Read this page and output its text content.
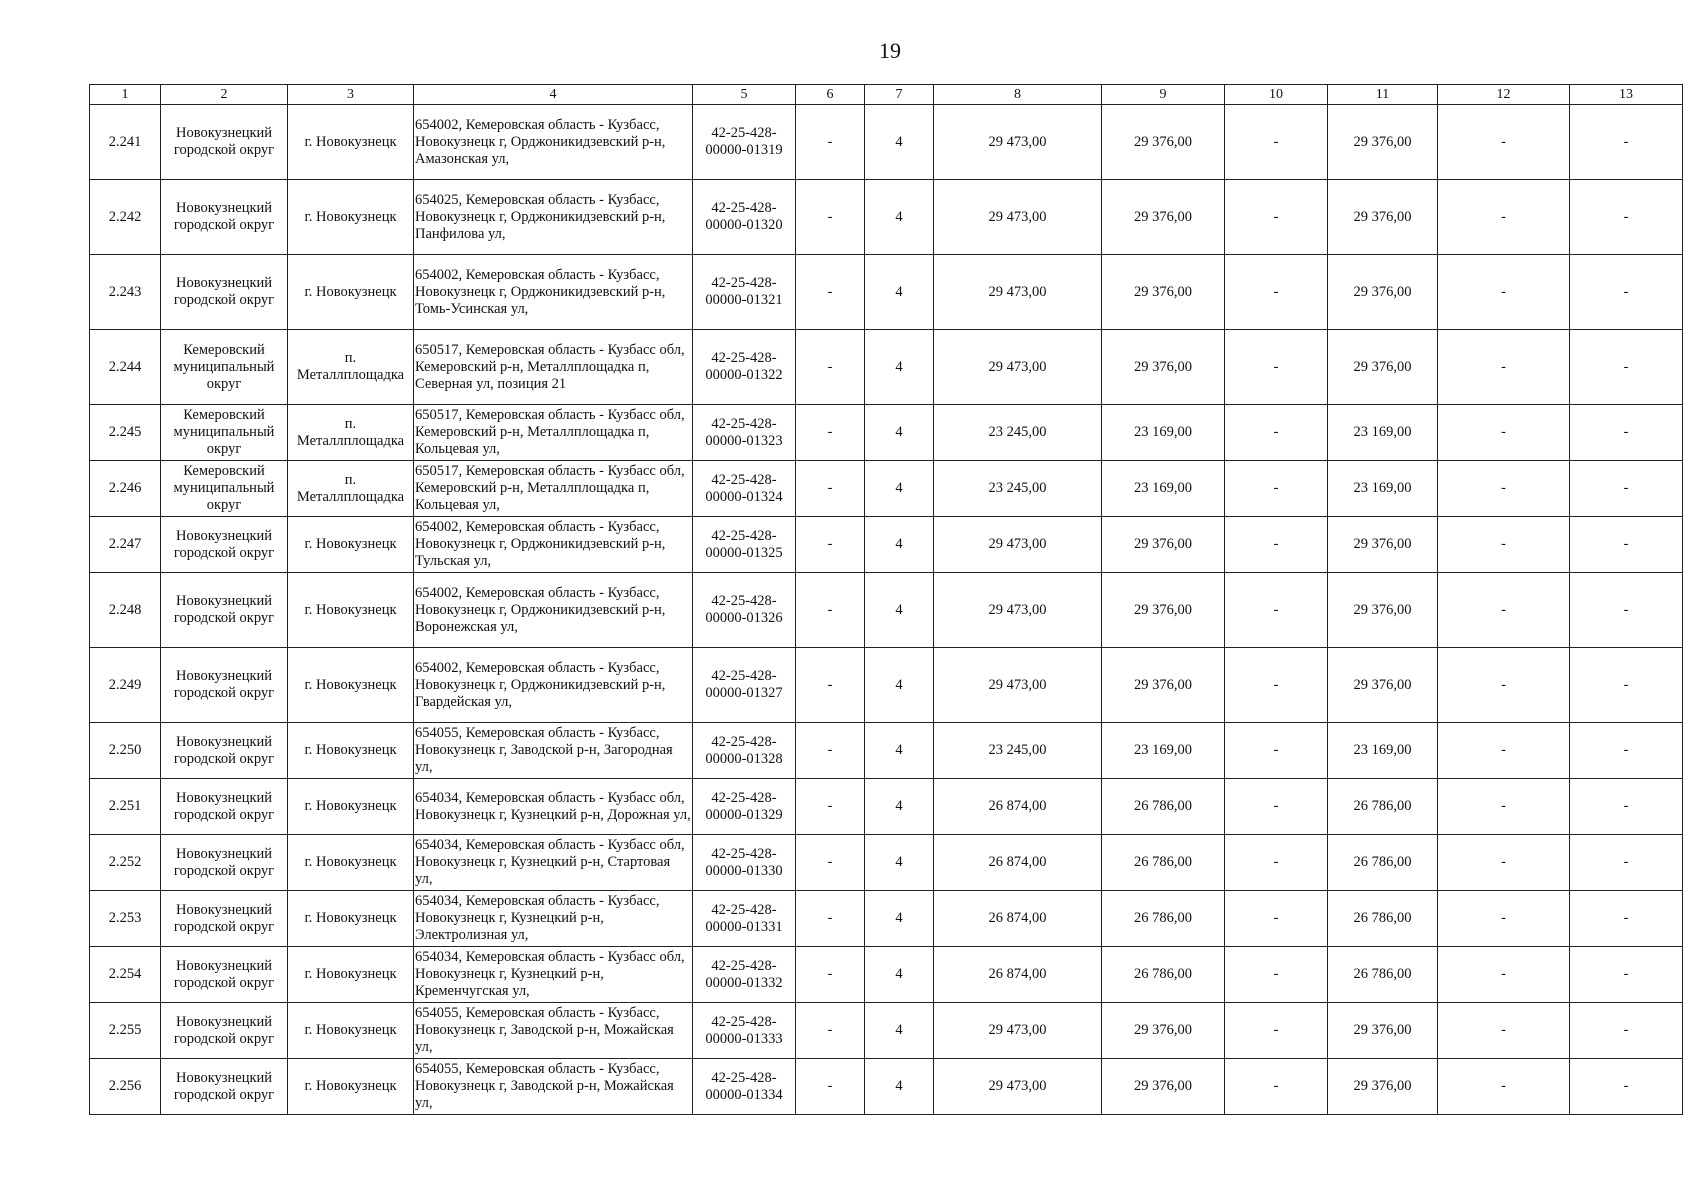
19
1	2	3	4	5	6	7	8	9	10	11	12	13
2.241	Новокузнецкий городской округ	г. Новокузнецк	654002, Кемеровская область - Кузбасс, Новокузнецк г, Орджоникидзевский р-н, Амазонская ул,	42-25-428-00000-01319	-	4	29 473,00	29 376,00	-	29 376,00	-	-
2.242	Новокузнецкий городской округ	г. Новокузнецк	654025, Кемеровская область - Кузбасс, Новокузнецк г, Орджоникидзевский р-н, Панфилова ул,	42-25-428-00000-01320	-	4	29 473,00	29 376,00	-	29 376,00	-	-
2.243	Новокузнецкий городской округ	г. Новокузнецк	654002, Кемеровская область - Кузбасс, Новокузнецк г, Орджоникидзевский р-н, Томь-Усинская ул,	42-25-428-00000-01321	-	4	29 473,00	29 376,00	-	29 376,00	-	-
2.244	Кемеровский муниципальный округ	п. Металлплощадка	650517, Кемеровская область - Кузбасс обл, Кемеровский р-н, Металлплощадка п, Северная ул, позиция 21	42-25-428-00000-01322	-	4	29 473,00	29 376,00	-	29 376,00	-	-
2.245	Кемеровский муниципальный округ	п. Металлплощадка	650517, Кемеровская область - Кузбасс обл, Кемеровский р-н, Металлплощадка п, Кольцевая ул,	42-25-428-00000-01323	-	4	23 245,00	23 169,00	-	23 169,00	-	-
2.246	Кемеровский муниципальный округ	п. Металлплощадка	650517, Кемеровская область - Кузбасс обл, Кемеровский р-н, Металлплощадка п, Кольцевая ул,	42-25-428-00000-01324	-	4	23 245,00	23 169,00	-	23 169,00	-	-
2.247	Новокузнецкий городской округ	г. Новокузнецк	654002, Кемеровская область - Кузбасс, Новокузнецк г, Орджоникидзевский р-н, Тульская ул,	42-25-428-00000-01325	-	4	29 473,00	29 376,00	-	29 376,00	-	-
2.248	Новокузнецкий городской округ	г. Новокузнецк	654002, Кемеровская область - Кузбасс, Новокузнецк г, Орджоникидзевский р-н, Воронежская ул,	42-25-428-00000-01326	-	4	29 473,00	29 376,00	-	29 376,00	-	-
2.249	Новокузнецкий городской округ	г. Новокузнецк	654002, Кемеровская область - Кузбасс, Новокузнецк г, Орджоникидзевский р-н, Гвардейская ул,	42-25-428-00000-01327	-	4	29 473,00	29 376,00	-	29 376,00	-	-
2.250	Новокузнецкий городской округ	г. Новокузнецк	654055, Кемеровская область - Кузбасс, Новокузнецк г, Заводской р-н, Загородная ул,	42-25-428-00000-01328	-	4	23 245,00	23 169,00	-	23 169,00	-	-
2.251	Новокузнецкий городской округ	г. Новокузнецк	654034, Кемеровская область - Кузбасс обл, Новокузнецк г, Кузнецкий р-н, Дорожная ул,	42-25-428-00000-01329	-	4	26 874,00	26 786,00	-	26 786,00	-	-
2.252	Новокузнецкий городской округ	г. Новокузнецк	654034, Кемеровская область - Кузбасс обл, Новокузнецк г, Кузнецкий р-н, Стартовая ул,	42-25-428-00000-01330	-	4	26 874,00	26 786,00	-	26 786,00	-	-
2.253	Новокузнецкий городской округ	г. Новокузнецк	654034, Кемеровская область - Кузбасс, Новокузнецк г, Кузнецкий р-н, Электролизная ул,	42-25-428-00000-01331	-	4	26 874,00	26 786,00	-	26 786,00	-	-
2.254	Новокузнецкий городской округ	г. Новокузнецк	654034, Кемеровская область - Кузбасс обл, Новокузнецк г, Кузнецкий р-н, Кременчугская ул,	42-25-428-00000-01332	-	4	26 874,00	26 786,00	-	26 786,00	-	-
2.255	Новокузнецкий городской округ	г. Новокузнецк	654055, Кемеровская область - Кузбасс, Новокузнецк г, Заводской р-н, Можайская ул,	42-25-428-00000-01333	-	4	29 473,00	29 376,00	-	29 376,00	-	-
2.256	Новокузнецкий городской округ	г. Новокузнецк	654055, Кемеровская область - Кузбасс, Новокузнецк г, Заводской р-н, Можайская ул,	42-25-428-00000-01334	-	4	29 473,00	29 376,00	-	29 376,00	-	-
